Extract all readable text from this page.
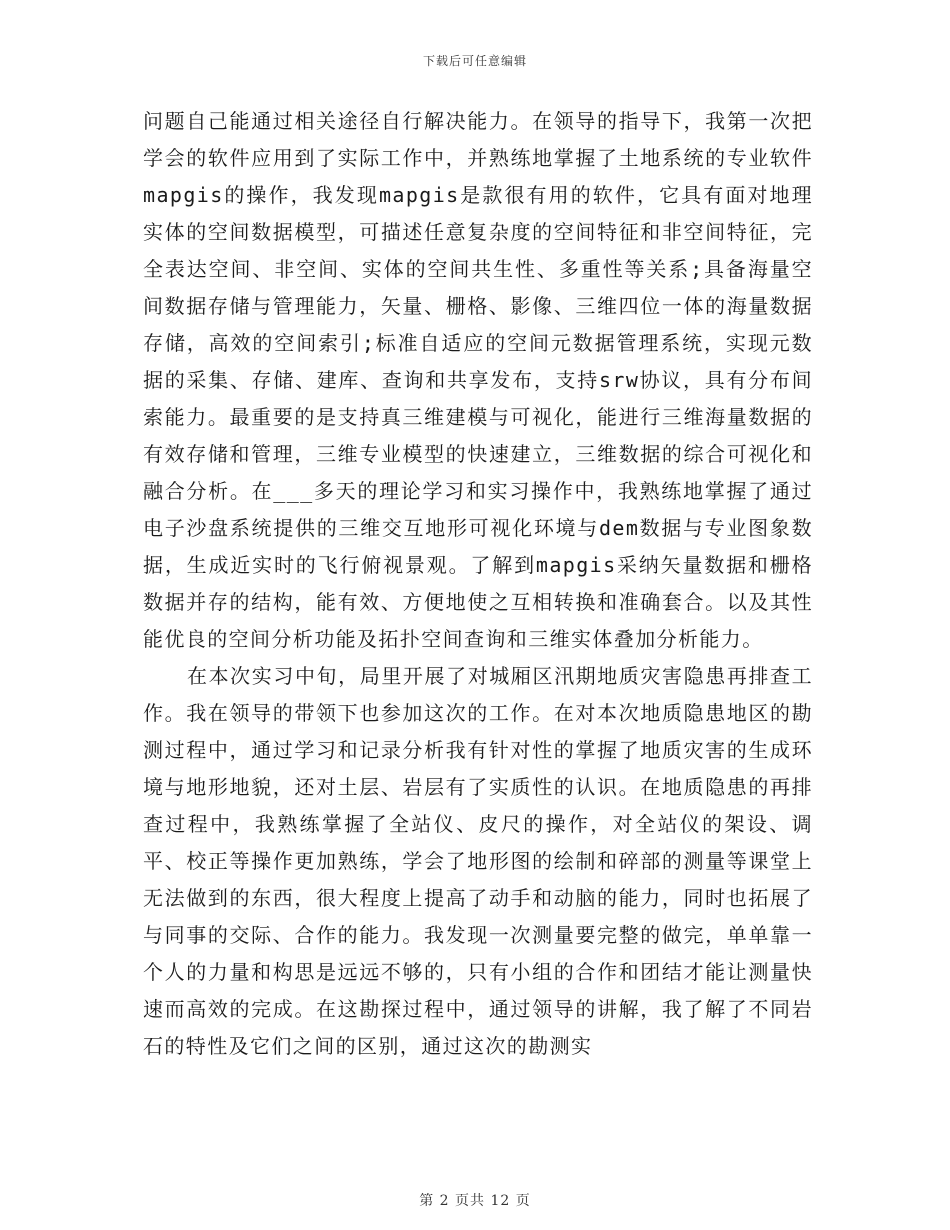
下载后可任意编辑

问题自己能通过相关途径自行解决能力。在领导的指导下，我第一次把学会的软件应用到了实际工作中，并熟练地掌握了土地系统的专业软件mapgis的操作，我发现mapgis是款很有用的软件，它具有面对地理实体的空间数据模型，可描述任意复杂度的空间特征和非空间特征，完全表达空间、非空间、实体的空间共生性、多重性等关系;具备海量空间数据存储与管理能力，矢量、栅格、影像、三维四位一体的海量数据存储，高效的空间索引;标准自适应的空间元数据管理系统，实现元数据的采集、存储、建库、查询和共享发布，支持srw协议，具有分布间索能力。最重要的是支持真三维建模与可视化，能进行三维海量数据的有效存储和管理，三维专业模型的快速建立，三维数据的综合可视化和融合分析。在___多天的理论学习和实习操作中，我熟练地掌握了通过电子沙盘系统提供的三维交互地形可视化环境与dem数据与专业图象数据，生成近实时的飞行俯视景观。了解到mapgis采纳矢量数据和栅格数据并存的结构，能有效、方便地使之互相转换和准确套合。以及其性能优良的空间分析功能及拓扑空间查询和三维实体叠加分析能力。

在本次实习中旬，局里开展了对城厢区汛期地质灾害隐患再排查工作。我在领导的带领下也参加这次的工作。在对本次地质隐患地区的勘测过程中，通过学习和记录分析我有针对性的掌握了地质灾害的生成环境与地形地貌，还对土层、岩层有了实质性的认识。在地质隐患的再排查过程中，我熟练掌握了全站仪、皮尺的操作，对全站仪的架设、调平、校正等操作更加熟练，学会了地形图的绘制和碎部的测量等课堂上无法做到的东西，很大程度上提高了动手和动脑的能力，同时也拓展了与同事的交际、合作的能力。我发现一次测量要完整的做完，单单靠一个人的力量和构思是远远不够的，只有小组的合作和团结才能让测量快速而高效的完成。在这勘探过程中，通过领导的讲解，我了解了不同岩石的特性及它们之间的区别，通过这次的勘测实

第 2 页共 12 页
